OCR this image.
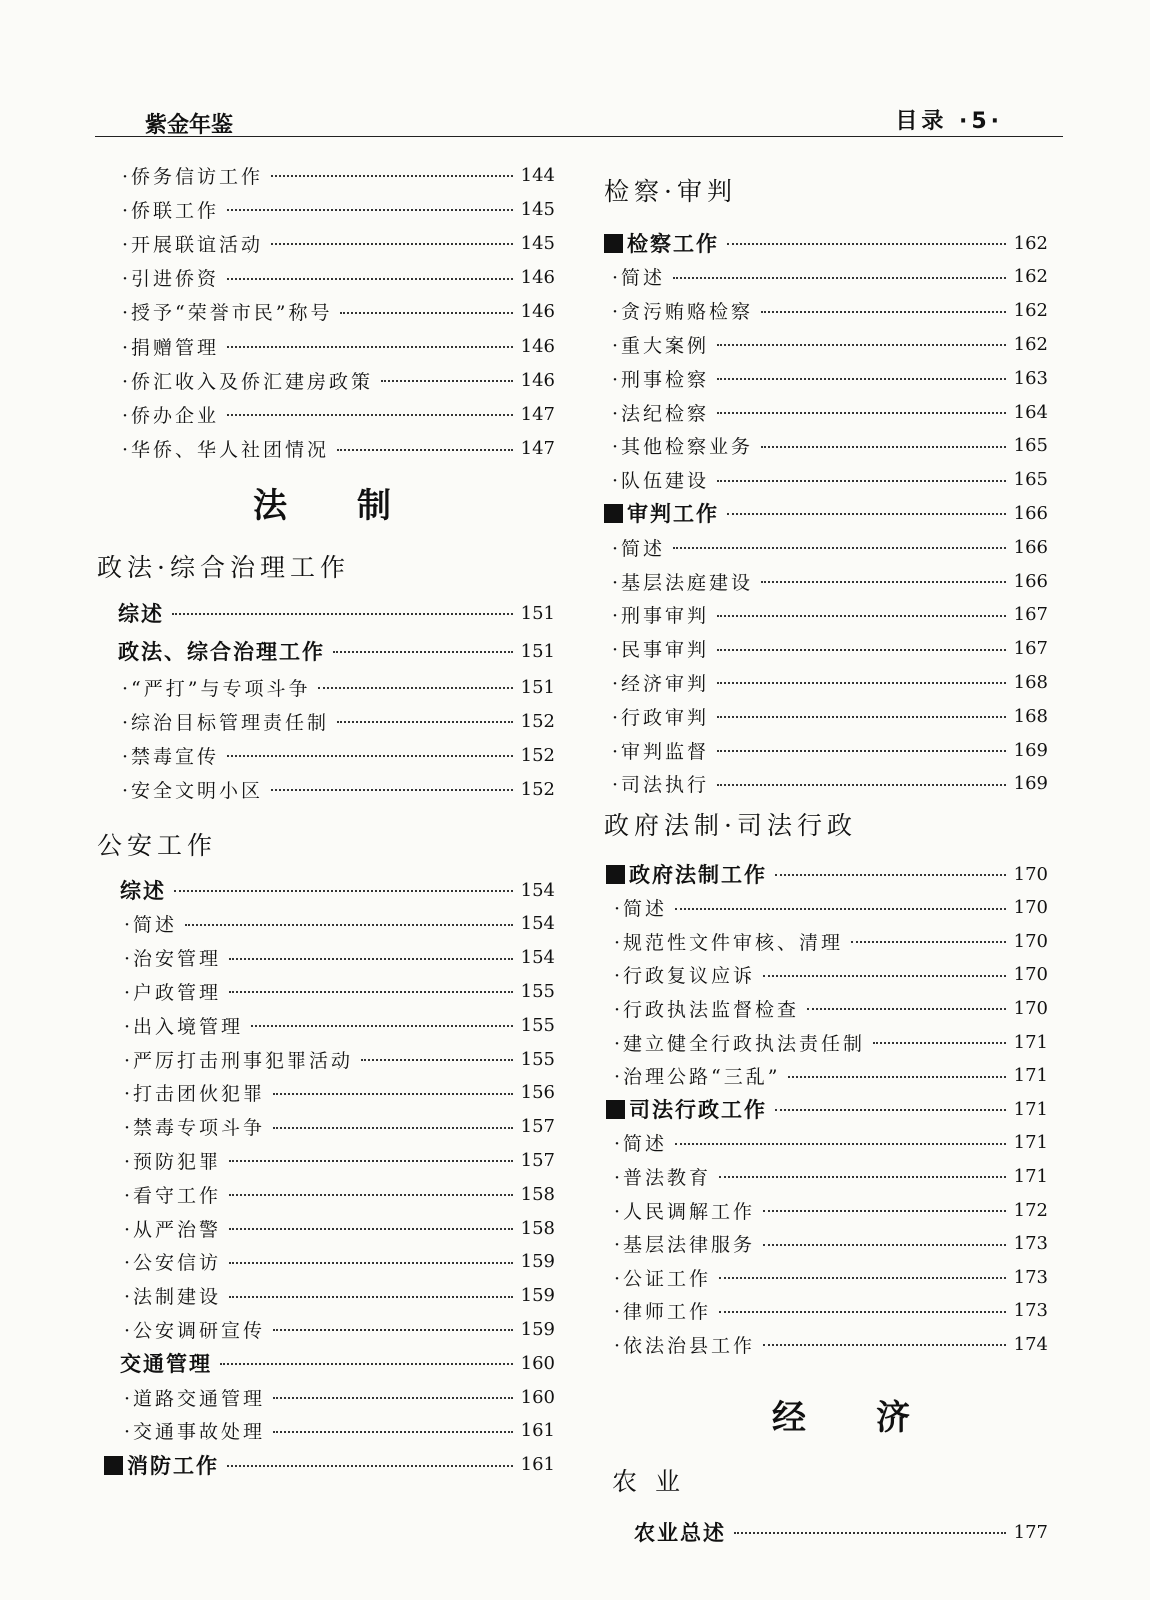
紫金年鉴	目录 ·5·
·侨务信访工作	144
·侨联工作	145
·开展联谊活动	145
·引进侨资	146
·授予“荣誉市民”称号	146
·捐赠管理	146
·侨汇收入及侨汇建房政策	146
·侨办企业	147
·华侨、华人社团情况	147
法 制
政法·综合治理工作
综述	151
政法、综合治理工作	151
·“严打”与专项斗争	151
·综治目标管理责任制	152
·禁毒宣传	152
·安全文明小区	152
公安工作
综述	154
·简述	154
·治安管理	154
·户政管理	155
·出入境管理	155
·严厉打击刑事犯罪活动	155
·打击团伙犯罪	156
·禁毒专项斗争	157
·预防犯罪	157
·看守工作	158
·从严治警	158
·公安信访	159
·法制建设	159
·公安调研宣传	159
交通管理	160
·道路交通管理	160
·交通事故处理	161
消防工作	161
检察·审判
检察工作	162
·简述	162
·贪污贿赂检察	162
·重大案例	162
·刑事检察	163
·法纪检察	164
·其他检察业务	165
·队伍建设	165
审判工作	166
·简述	166
·基层法庭建设	166
·刑事审判	167
·民事审判	167
·经济审判	168
·行政审判	168
·审判监督	169
·司法执行	169
政府法制·司法行政
政府法制工作	170
·简述	170
·规范性文件审核、清理	170
·行政复议应诉	170
·行政执法监督检查	170
·建立健全行政执法责任制	171
·治理公路“三乱”	171
司法行政工作	171
·简述	171
·普法教育	171
·人民调解工作	172
·基层法律服务	173
·公证工作	173
·律师工作	173
·依法治县工作	174
经 济
农 业
农业总述	177
